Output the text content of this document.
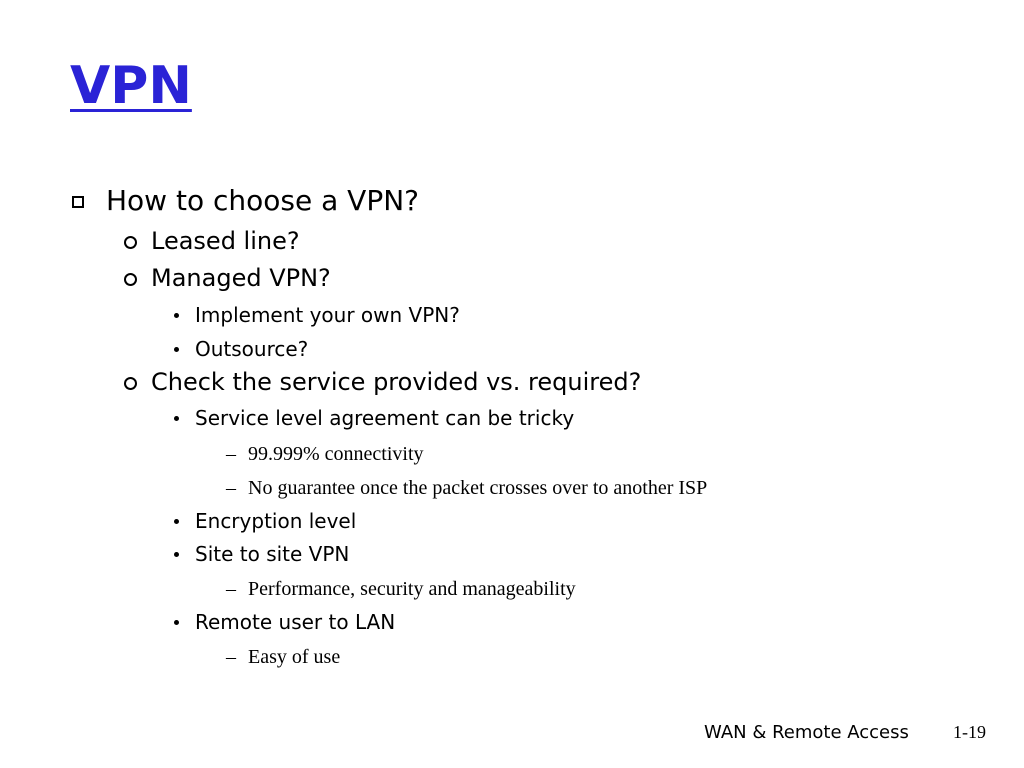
VPN
How to choose a VPN?
Leased line?
Managed VPN?
Implement your own VPN?
Outsource?
Check the service provided vs. required?
Service level agreement can be tricky
– 99.999% connectivity
– No guarantee once the packet crosses over to another ISP
Encryption level
Site to site VPN
– Performance, security and manageability
Remote user to LAN
– Easy of use
WAN & Remote Access 1-19
